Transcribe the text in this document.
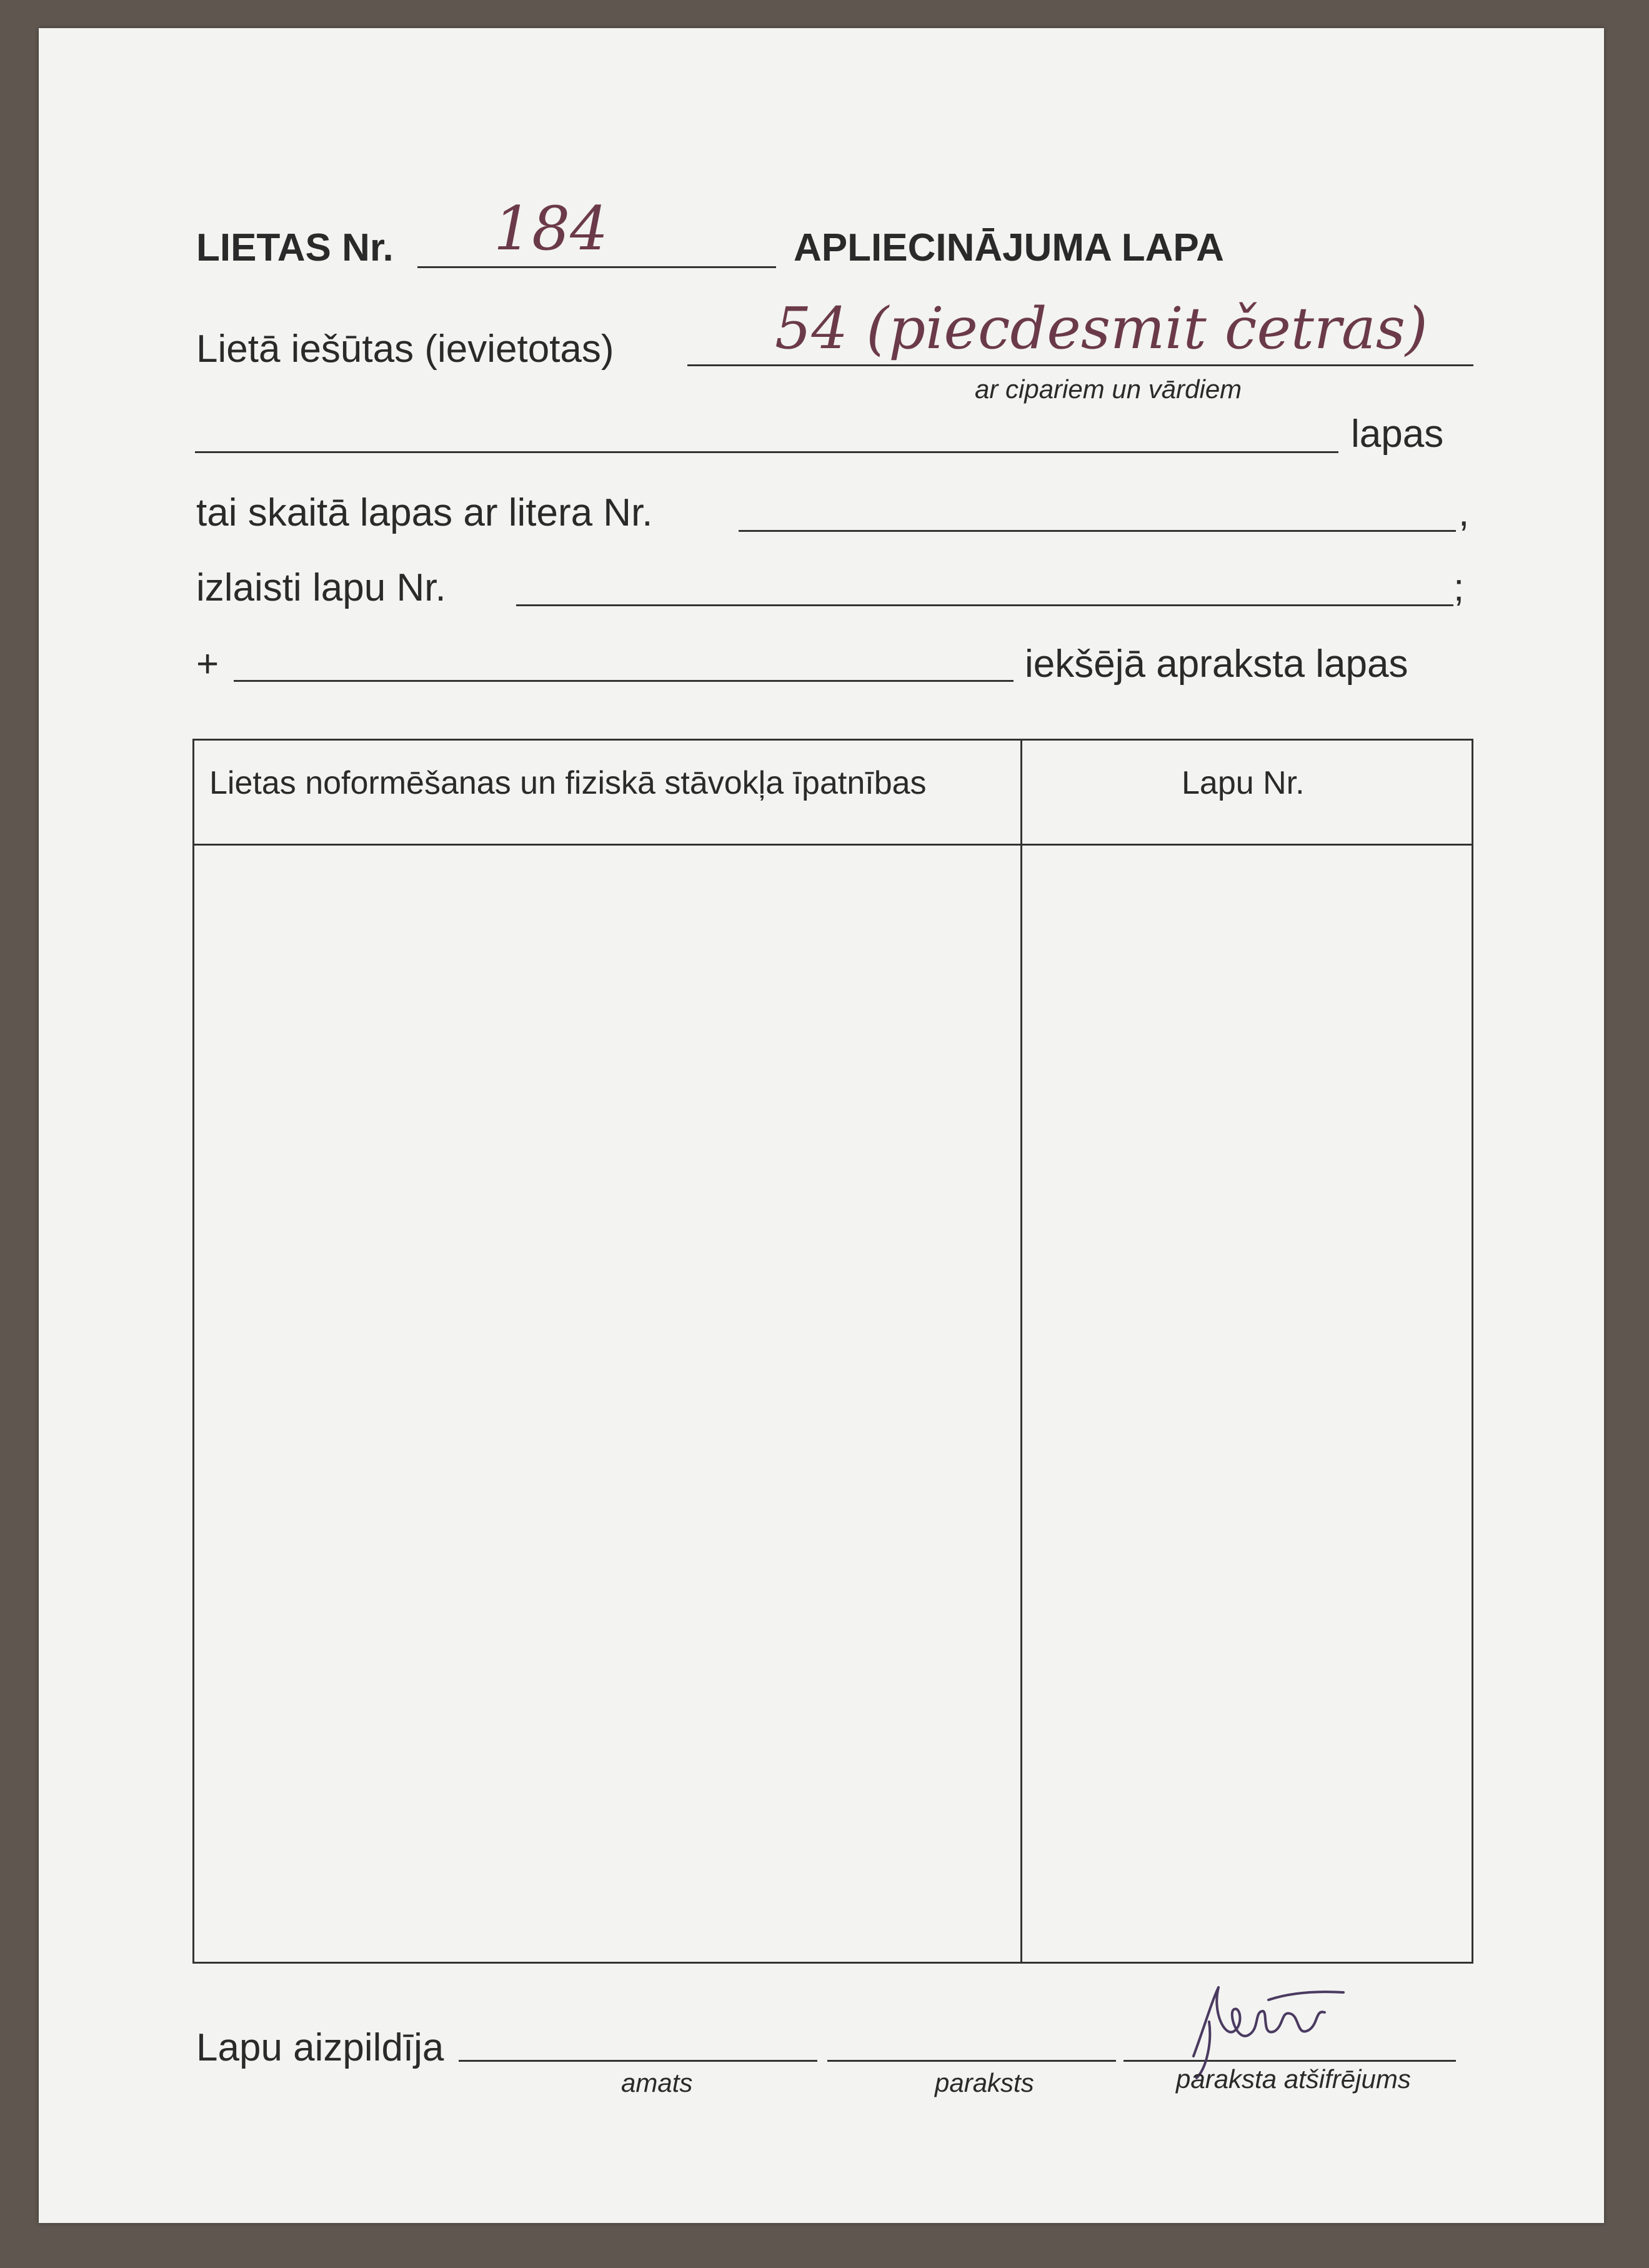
LIETAS Nr. 184	APLIECINĀJUMA LAPA
Lietā iešūtas (ievietotas)	54 (piecdesmit četras)
ar cipariem un vārdiem
lapas
tai skaitā lapas ar litera Nr.	,
izlaisti lapu Nr.	;
+	iekšējā apraksta lapas
Lietas noformēšanas un fiziskā stāvokļa īpatnības	Lapu Nr.
Lapu aizpildīja
amats	paraksts	paraksta atšifrējums
